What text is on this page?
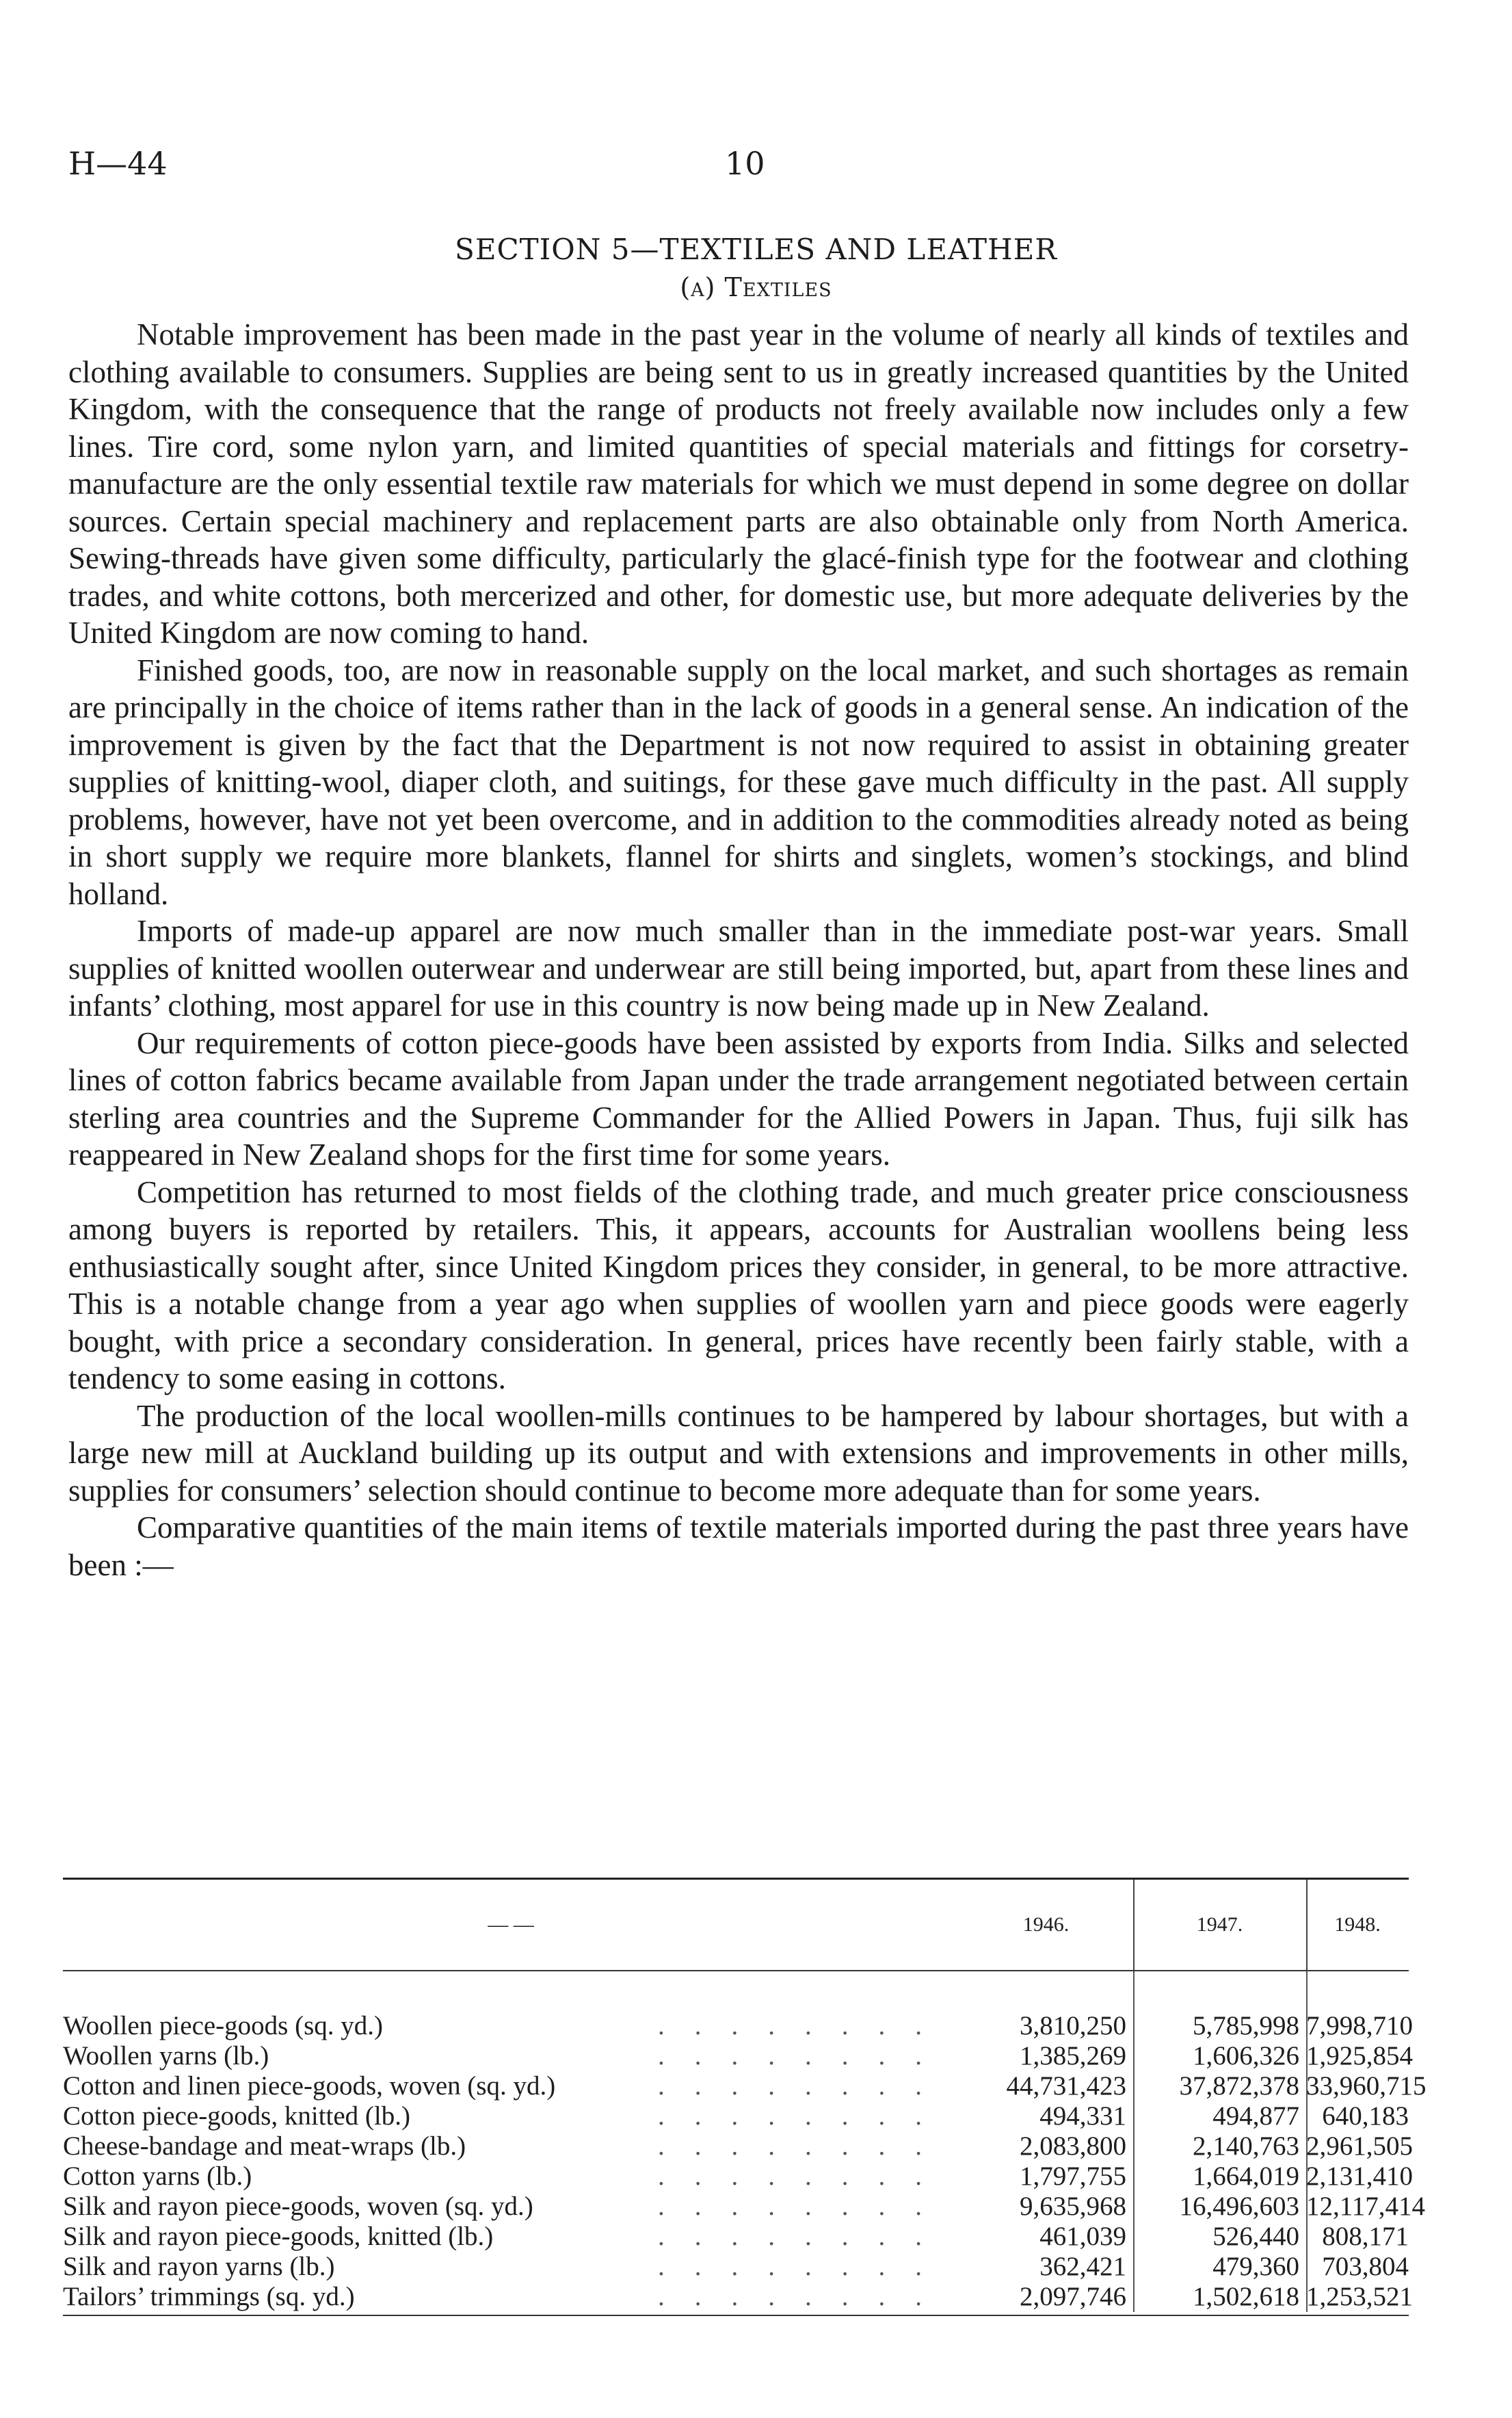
H—44	10
SECTION 5—TEXTILES AND LEATHER
(a) Textiles

Notable improvement has been made in the past year in the volume of nearly all kinds of textiles and clothing available to consumers. Supplies are being sent to us in greatly increased quantities by the United Kingdom, with the consequence that the range of products not freely available now includes only a few lines. Tire cord, some nylon yarn, and limited quantities of special materials and fittings for corsetry-manufacture are the only essential textile raw materials for which we must depend in some degree on dollar sources. Certain special machinery and replacement parts are also obtainable only from North America. Sewing-threads have given some difficulty, particularly the glacé-finish type for the footwear and clothing trades, and white cottons, both mercerized and other, for domestic use, but more adequate deliveries by the United Kingdom are now coming to hand.

Finished goods, too, are now in reasonable supply on the local market, and such shortages as remain are principally in the choice of items rather than in the lack of goods in a general sense. An indication of the improvement is given by the fact that the Department is not now required to assist in obtaining greater supplies of knitting-wool, diaper cloth, and suitings, for these gave much difficulty in the past. All supply problems, however, have not yet been overcome, and in addition to the commodities already noted as being in short supply we require more blankets, flannel for shirts and singlets, women’s stockings, and blind holland.

Imports of made-up apparel are now much smaller than in the immediate post-war years. Small supplies of knitted woollen outerwear and underwear are still being imported, but, apart from these lines and infants’ clothing, most apparel for use in this country is now being made up in New Zealand.

Our requirements of cotton piece-goods have been assisted by exports from India. Silks and selected lines of cotton fabrics became available from Japan under the trade arrangement negotiated between certain sterling area countries and the Supreme Commander for the Allied Powers in Japan. Thus, fuji silk has reappeared in New Zealand shops for the first time for some years.

Competition has returned to most fields of the clothing trade, and much greater price consciousness among buyers is reported by retailers. This, it appears, accounts for Australian woollens being less enthusiastically sought after, since United Kingdom prices they consider, in general, to be more attractive. This is a notable change from a year ago when supplies of woollen yarn and piece goods were eagerly bought, with price a secondary consideration. In general, prices have recently been fairly stable, with a tendency to some easing in cottons.

The production of the local woollen-mills continues to be hampered by labour shortages, but with a large new mill at Auckland building up its output and with extensions and improvements in other mills, supplies for consumers’ selection should continue to become more adequate than for some years.

Comparative quantities of the main items of textile materials imported during the past three years have been :—

— —	1946.	1947.	1948.
Woollen piece-goods (sq. yd.)	........	3,810,250	5,785,998 7,998,710
Woollen yarns (lb.)	........	1,385,269	1,606,326 1,925,854
Cotton and linen piece-goods, woven (sq. yd.)	........	44,731,423	37,872,378 33,960,715
Cotton piece-goods, knitted (lb.)	........	494,331	494,877 640,183
Cheese-bandage and meat-wraps (lb.)	........	2,083,800	2,140,763 2,961,505
Cotton yarns (lb.)	........	1,797,755	1,664,019 2,131,410
Silk and rayon piece-goods, woven (sq. yd.)	........	9,635,968	16,496,603 12,117,414
Silk and rayon piece-goods, knitted (lb.)	........	461,039	526,440 808,171
Silk and rayon yarns (lb.)	........	362,421	479,360 703,804
Tailors’ trimmings (sq. yd.)	........	2,097,746	1,502,618 1,253,521
